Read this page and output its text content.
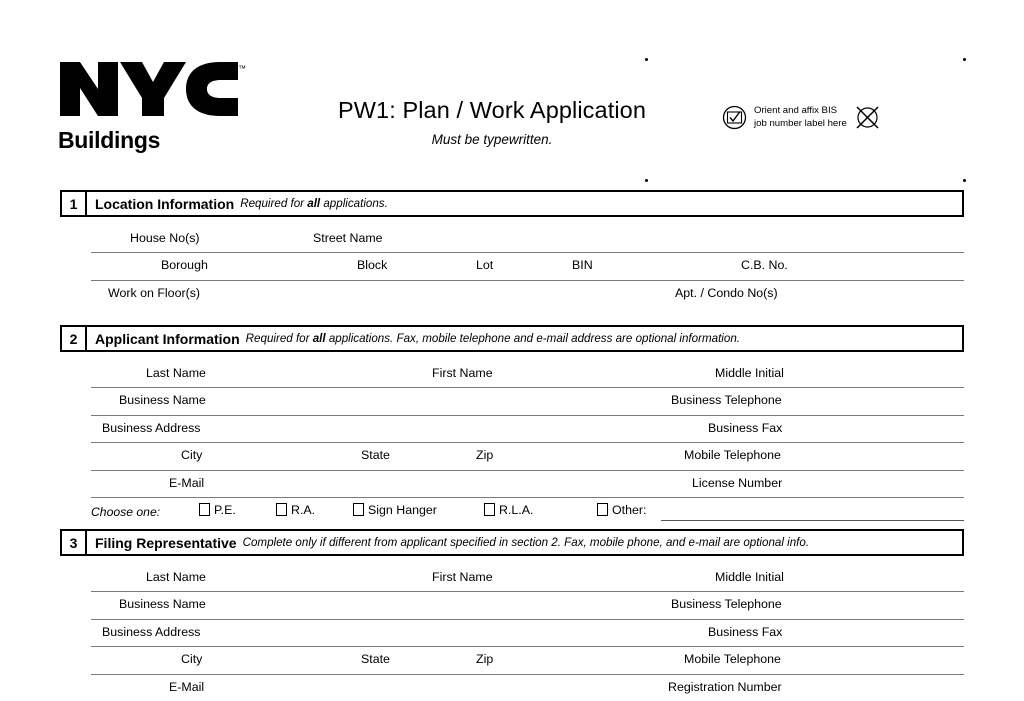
™
Buildings
PW1: Plan / Work Application
Must be typewritten.
Orient and affix BIS
job number label here
1	Location Information Required for all applications.
House No(s)	Street Name
Borough	Block	Lot	BIN	C.B. No.
Work on Floor(s)	Apt. / Condo No(s)
2	Applicant Information Required for all applications. Fax, mobile telephone and e-mail address are optional information.
Last Name	First Name	Middle Initial
Business Name	Business Telephone
Business Address	Business Fax
City	State	Zip	Mobile Telephone
E-Mail	License Number
Choose one:	P.E.	R.A.	Sign Hanger	R.L.A.	Other:
3	Filing Representative Complete only if different from applicant specified in section 2. Fax, mobile phone, and e-mail are optional info.
Last Name	First Name	Middle Initial
Business Name	Business Telephone
Business Address	Business Fax
City	State	Zip	Mobile Telephone
E-Mail	Registration Number
